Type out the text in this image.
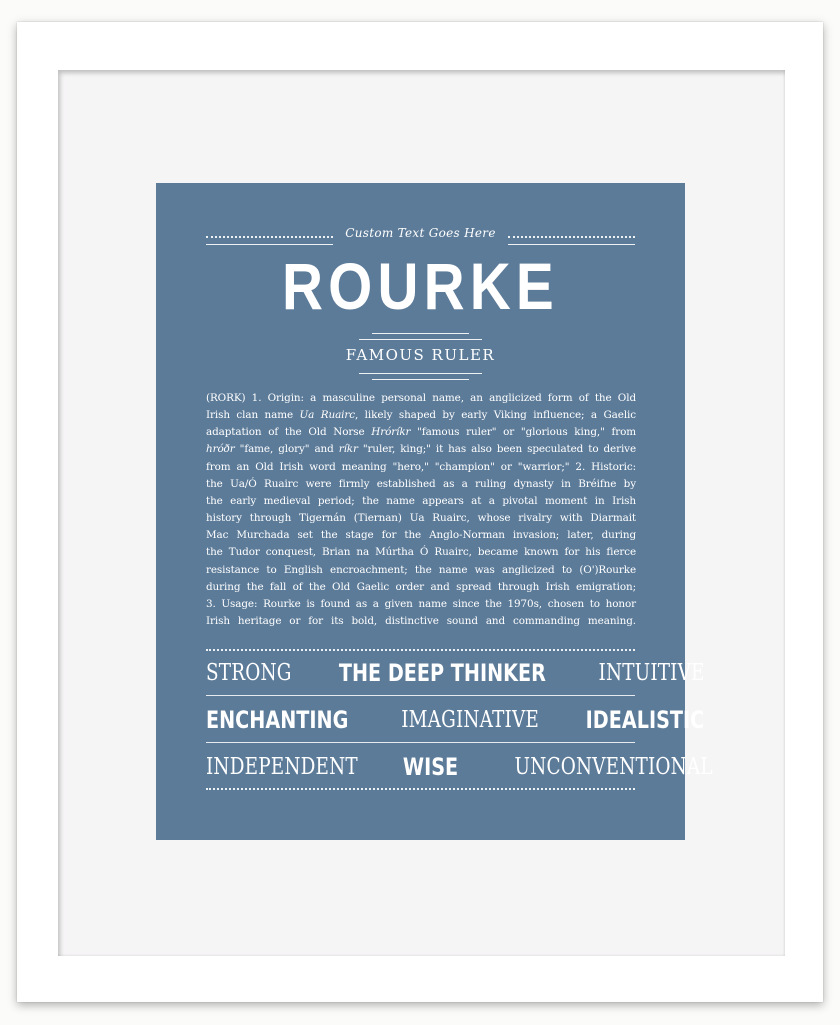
Custom Text Goes Here
ROURKE
FAMOUS RULER
(RORK) 1. Origin: a masculine personal name, an anglicized form of the Old
Irish clan name Ua Ruairc, likely shaped by early Viking influence; a Gaelic
adaptation of the Old Norse Hróríkr "famous ruler" or "glorious king," from
hróðr "fame, glory" and ríkr "ruler, king;" it has also been speculated to derive
from an Old Irish word meaning "hero," "champion" or "warrior;" 2. Historic:
the Ua/Ó Ruairc were firmly established as a ruling dynasty in Bréifne by
the early medieval period; the name appears at a pivotal moment in Irish
history through Tigernán (Tiernan) Ua Ruairc, whose rivalry with Diarmait
Mac Murchada set the stage for the Anglo-Norman invasion; later, during
the Tudor conquest, Brian na Múrtha Ó Ruairc, became known for his fierce
resistance to English encroachment; the name was anglicized to (O')Rourke
during the fall of the Old Gaelic order and spread through Irish emigration;
3. Usage: Rourke is found as a given name since the 1970s, chosen to honor
Irish heritage or for its bold, distinctive sound and commanding meaning.
STRONG THE DEEP THINKER INTUITIVE
ENCHANTING IMAGINATIVE IDEALISTIC
INDEPENDENT WISE UNCONVENTIONAL
